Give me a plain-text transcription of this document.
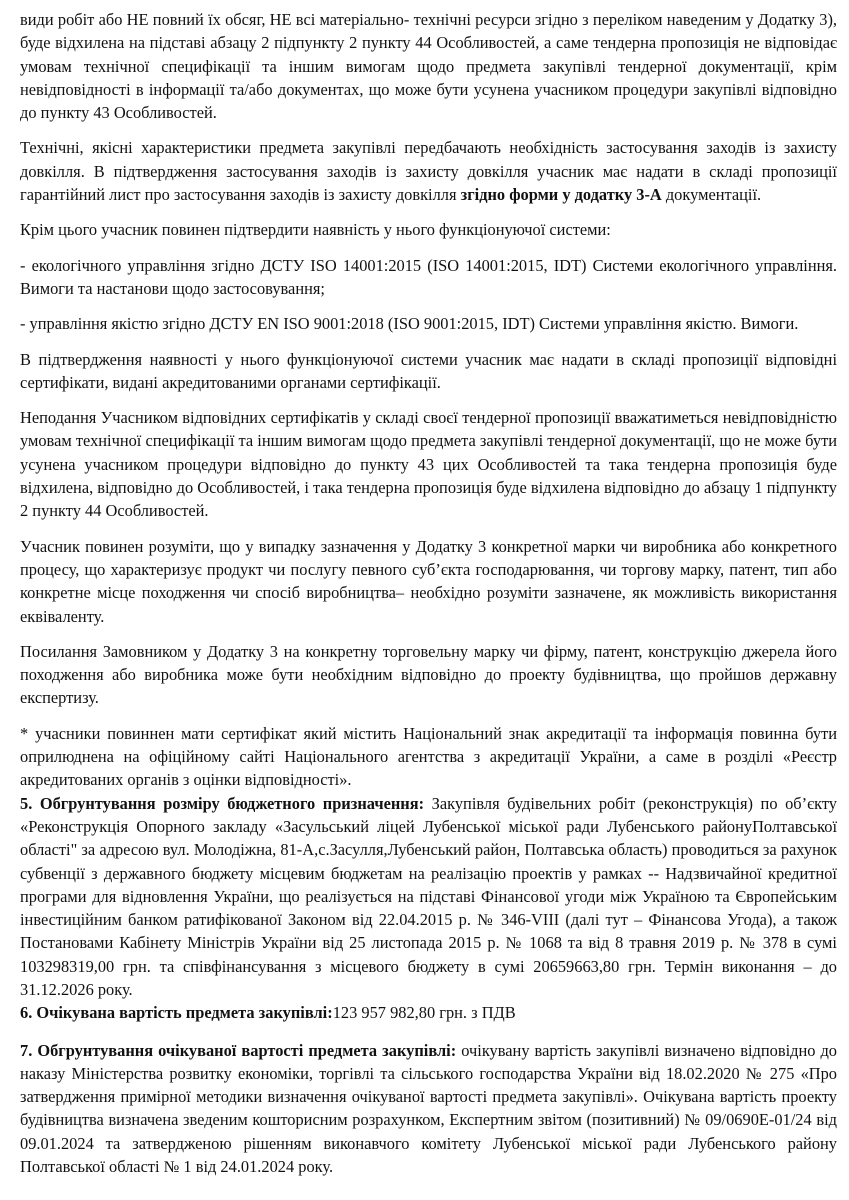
види робіт або НЕ повний їх обсяг, НЕ всі матеріально- технічні ресурси згідно з переліком наведеним у Додатку 3), буде відхилена на підставі абзацу 2 підпункту 2 пункту 44 Особливостей, а саме тендерна пропозиція не відповідає умовам технічної специфікації та іншим вимогам щодо предмета закупівлі тендерної документації, крім невідповідності в інформації та/або документах, що може бути усунена учасником процедури закупівлі відповідно до пункту 43 Особливостей.

Технічні, якісні характеристики предмета закупівлі передбачають необхідність застосування заходів із захисту довкілля. В підтвердження застосування заходів із захисту довкілля учасник має надати в складі пропозиції гарантійний лист про застосування заходів із захисту довкілля згідно форми у додатку 3-А документації.

Крім цього учасник повинен підтвердити наявність у нього функціонуючої системи:

- екологічного управління згідно ДСТУ ISO 14001:2015 (ISO 14001:2015, IDT) Системи екологічного управління. Вимоги та настанови щодо застосовування;

- управління якістю згідно ДСТУ EN ISO 9001:2018 (ISO 9001:2015, IDT) Системи управління якістю. Вимоги.

В підтвердження наявності у нього функціонуючої системи учасник має надати в складі пропозиції відповідні сертифікати, видані акредитованими органами сертифікації.

Неподання Учасником відповідних сертифікатів у складі своєї тендерної пропозиції вважатиметься невідповідністю умовам технічної специфікації та іншим вимогам щодо предмета закупівлі тендерної документації, що не може бути усунена учасником процедури відповідно до пункту 43 цих Особливостей та така тендерна пропозиція буде відхилена, відповідно до Особливостей, і така тендерна пропозиція буде відхилена відповідно до абзацу 1 підпункту 2 пункту 44 Особливостей.

Учасник повинен розуміти, що у випадку зазначення у Додатку 3 конкретної марки чи виробника або конкретного процесу, що характеризує продукт чи послугу певного суб’єкта господарювання, чи торгову марку, патент, тип або конкретне місце походження чи спосіб виробництва– необхідно розуміти зазначене, як можливість використання еквіваленту.

Посилання Замовником у Додатку 3 на конкретну торговельну марку чи фірму, патент, конструкцію джерела його походження або виробника може бути необхідним відповідно до проекту будівництва, що пройшов державну експертизу.

* учасники повиннен мати сертифікат який містить Національний знак акредитації та інформація повинна бути оприлюднена на офіційному сайті Національного агентства з акредитації України, а саме в розділі «Реєстр акредитованих органів з оцінки відповідності».

5. Обгрунтування розміру бюджетного призначення: Закупівля будівельних робіт (реконструкція) по об’єкту «Реконструкція Опорного закладу «Засульський ліцей Лубенської міської ради Лубенського районуПолтавської області" за адресою вул. Молодіжна, 81-А,с.Засулля,Лубенський район, Полтавська область) проводиться за рахунок субвенції з державного бюджету місцевим бюджетам на реалізацію проектів у рамках -- Надзвичайної кредитної програми для відновлення України, що реалізується на підставі Фінансової угоди між Україною та Європейським інвестиційним банком ратифікованої Законом від 22.04.2015 р. № 346-VIII (далі тут – Фінансова Угода), а також Постановами Кабінету Міністрів України від 25 листопада 2015 р. № 1068 та від 8 травня 2019 р. № 378 в сумі 103298319,00 грн. та співфінансування з місцевого бюджету в сумі 20659663,80 грн. Термін виконання – до 31.12.2026 року.

6. Очікувана вартість предмета закупівлі:123 957 982,80 грн. з ПДВ

7. Обгрунтування очікуваної вартості предмета закупівлі: очікувану вартість закупівлі визначено відповідно до наказу Міністерства розвитку економіки, торгівлі та сільського господарства України від 18.02.2020 № 275 «Про затвердження примірної методики визначення очікуваної вартості предмета закупівлі». Очікувана вартість проекту будівництва визначена зведеним кошторисним розрахунком, Експертним звітом (позитивний) № 09/0690Е-01/24 від 09.01.2024 та затвердженою рішенням виконавчого комітету Лубенської міської ради Лубенського району Полтавської області № 1 від 24.01.2024 року.
